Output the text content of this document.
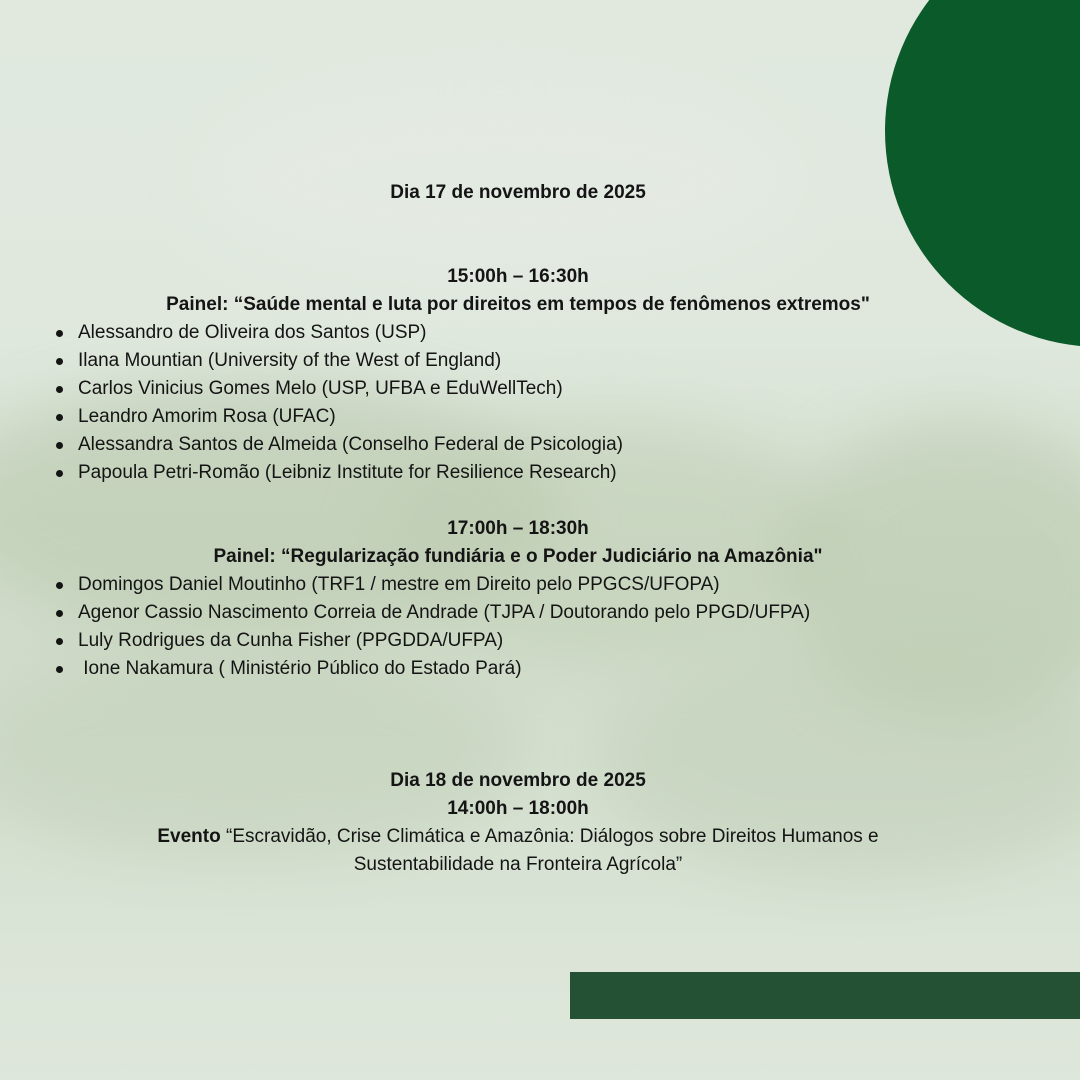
Dia 17 de novembro de 2025
15:00h – 16:30h
Painel: “Saúde mental e luta por direitos em tempos de fenômenos extremos"
Alessandro de Oliveira dos Santos (USP)
Ilana Mountian (University of the West of England)
Carlos Vinicius Gomes Melo (USP, UFBA e EduWellTech)
Leandro Amorim Rosa (UFAC)
Alessandra Santos de Almeida (Conselho Federal de Psicologia)
Papoula Petri-Romão (Leibniz Institute for Resilience Research)
17:00h – 18:30h
Painel: “Regularização fundiária e o Poder Judiciário na Amazônia"
Domingos Daniel Moutinho (TRF1 / mestre em Direito pelo PPGCS/UFOPA)
Agenor Cassio Nascimento Correia de Andrade (TJPA / Doutorando pelo PPGD/UFPA)
Luly Rodrigues da Cunha Fisher (PPGDDA/UFPA)
Ione Nakamura ( Ministério Público do Estado Pará)
Dia 18 de novembro de 2025
14:00h – 18:00h
Evento “Escravidão, Crise Climática e Amazônia: Diálogos sobre Direitos Humanos e
Sustentabilidade na Fronteira Agrícola”
